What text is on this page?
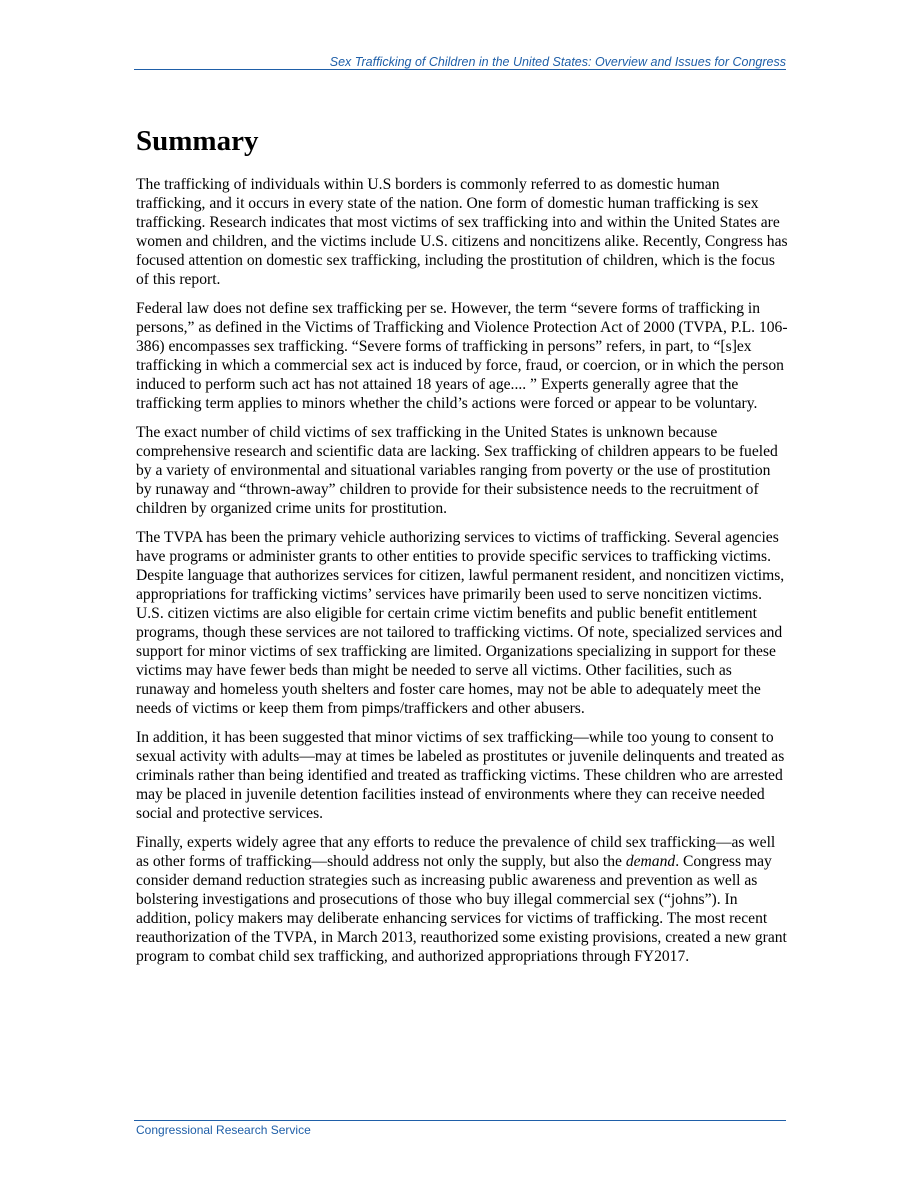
Sex Trafficking of Children in the United States: Overview and Issues for Congress
Summary

The trafficking of individuals within U.S borders is commonly referred to as domestic human trafficking, and it occurs in every state of the nation. One form of domestic human trafficking is sex trafficking. Research indicates that most victims of sex trafficking into and within the United States are women and children, and the victims include U.S. citizens and noncitizens alike. Recently, Congress has focused attention on domestic sex trafficking, including the prostitution of children, which is the focus of this report.

Federal law does not define sex trafficking per se. However, the term “severe forms of trafficking in persons,” as defined in the Victims of Trafficking and Violence Protection Act of 2000 (TVPA, P.L. 106-386) encompasses sex trafficking. “Severe forms of trafficking in persons” refers, in part, to “[s]ex trafficking in which a commercial sex act is induced by force, fraud, or coercion, or in which the person induced to perform such act has not attained 18 years of age.... ” Experts generally agree that the trafficking term applies to minors whether the child’s actions were forced or appear to be voluntary.

The exact number of child victims of sex trafficking in the United States is unknown because comprehensive research and scientific data are lacking. Sex trafficking of children appears to be fueled by a variety of environmental and situational variables ranging from poverty or the use of prostitution by runaway and “thrown-away” children to provide for their subsistence needs to the recruitment of children by organized crime units for prostitution.

The TVPA has been the primary vehicle authorizing services to victims of trafficking. Several agencies have programs or administer grants to other entities to provide specific services to trafficking victims. Despite language that authorizes services for citizen, lawful permanent resident, and noncitizen victims, appropriations for trafficking victims’ services have primarily been used to serve noncitizen victims. U.S. citizen victims are also eligible for certain crime victim benefits and public benefit entitlement programs, though these services are not tailored to trafficking victims. Of note, specialized services and support for minor victims of sex trafficking are limited. Organizations specializing in support for these victims may have fewer beds than might be needed to serve all victims. Other facilities, such as runaway and homeless youth shelters and foster care homes, may not be able to adequately meet the needs of victims or keep them from pimps/traffickers and other abusers.

In addition, it has been suggested that minor victims of sex trafficking—while too young to consent to sexual activity with adults—may at times be labeled as prostitutes or juvenile delinquents and treated as criminals rather than being identified and treated as trafficking victims. These children who are arrested may be placed in juvenile detention facilities instead of environments where they can receive needed social and protective services.

Finally, experts widely agree that any efforts to reduce the prevalence of child sex trafficking—as well as other forms of trafficking—should address not only the supply, but also the demand. Congress may consider demand reduction strategies such as increasing public awareness and prevention as well as bolstering investigations and prosecutions of those who buy illegal commercial sex (“johns”). In addition, policy makers may deliberate enhancing services for victims of trafficking. The most recent reauthorization of the TVPA, in March 2013, reauthorized some existing provisions, created a new grant program to combat child sex trafficking, and authorized appropriations through FY2017.

Congressional Research Service
